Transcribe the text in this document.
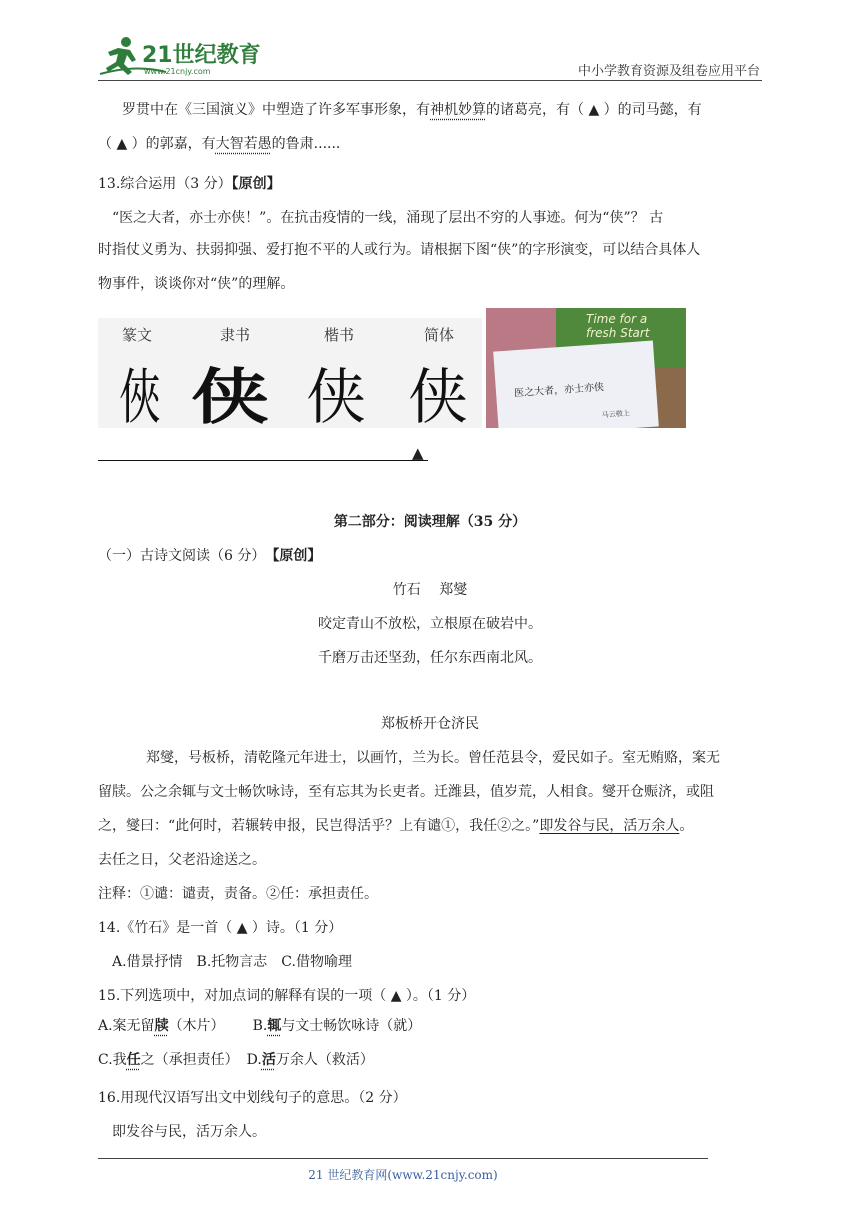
21世纪教育
www.21cnjy.com	中小学教育资源及组卷应用平台
罗贯中在《三国演义》中塑造了许多军事形象，有神机妙算的诸葛亮，有（ ▲ ）的司马懿，有
（ ▲ ）的郭嘉，有大智若愚的鲁肃......
13.综合运用（3 分）【原创】
“医之大者，亦士亦侠！”。在抗击疫情的一线，涌现了层出不穷的人事迹。何为“侠”？ 古
时指仗义勇为、扶弱抑强、爱打抱不平的人或行为。请根据下图“侠”的字形演变，可以结合具体人
物事件，谈谈你对“侠”的理解。
篆文	隶书	楷书	简体
俠 侠 侠 侠
Time for a fresh Start
医之大者，亦士亦侠
马云敬上
▲
第二部分：阅读理解（35 分）
（一）古诗文阅读（6 分）　 【原创】
竹石　 郑燮
咬定青山不放松，立根原在破岩中。
千磨万击还坚劲，任尔东西南北风。
郑板桥开仓济民
郑燮，号板桥，清乾隆元年进士，以画竹，兰为长。曾任范县令，爱民如子。室无贿赂，案无
留牍。公之余辄与文士畅饮咏诗，至有忘其为长吏者。迁潍县，值岁荒，人相食。燮开仓赈济，或阻
之，燮曰：“此何时，若辗转申报，民岂得活乎？上有谴①，我任②之。”即发谷与民，活万余人。
去任之日，父老沿途送之。
注释：①谴：谴责，责备。②任：承担责任。
14.《竹石》是一首（ ▲ ）诗。（1 分）
A.借景抒情　B.托物言志　C.借物喻理
15.下列选项中，对加点词的解释有误的一项（ ▲ ）。（1 分）
A.案无留牍（木片） B.辄与文士畅饮咏诗（就）
C.我任之（承担责任） D.活万余人（救活）
16.用现代汉语写出文中划线句子的意思。（2 分）
即发谷与民，活万余人。
21 世纪教育网(www.21cnjy.com)
